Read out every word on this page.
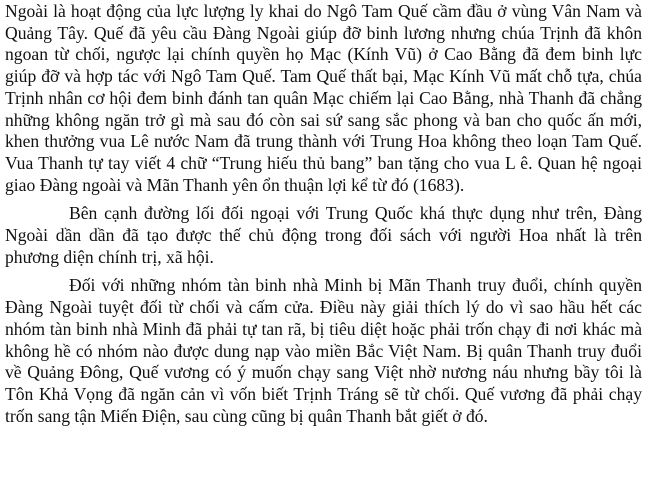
Ngoài là hoạt động của lực lượng ly khai do Ngô Tam Quế cầm đầu ở vùng Vân Nam và Quảng Tây. Quế đã yêu cầu Đàng Ngoài giúp đỡ binh lương nhưng chúa Trịnh đã khôn ngoan từ chối, ngược lại chính quyền họ Mạc (Kính Vũ) ở Cao Bằng đã đem binh lực giúp đỡ và hợp tác với Ngô Tam Quế. Tam Quế thất bại, Mạc Kính Vũ mất chỗ tựa, chúa Trịnh nhân cơ hội đem binh đánh tan quân Mạc chiếm lại Cao Bằng, nhà Thanh đã chẳng những không ngăn trở gì mà sau đó còn sai sứ sang sắc phong và ban cho quốc ấn mới, khen thưởng vua Lê nước Nam đã trung thành với Trung Hoa không theo loạn Tam Quế. Vua Thanh tự tay viết 4 chữ “Trung hiếu thủ bang” ban tặng cho vua L ê. Quan hệ ngoại giao Đàng ngoài và Mãn Thanh yên ổn thuận lợi kể từ đó (1683).

Bên cạnh đường lối đối ngoại với Trung Quốc khá thực dụng như trên, Đàng Ngoài dần dần đã tạo được thế chủ động trong đối sách với người Hoa nhất là trên phương diện chính trị, xã hội.

Đối với những nhóm tàn binh nhà Minh bị Mãn Thanh truy đuổi, chính quyền Đàng Ngoài tuyệt đối từ chối và cấm cửa. Điều này giải thích lý do vì sao hầu hết các nhóm tàn binh nhà Minh đã phải tự tan rã, bị tiêu diệt hoặc phải trốn chạy đi nơi khác mà không hề có nhóm nào được dung nạp vào miền Bắc Việt Nam. Bị quân Thanh truy đuổi về Quảng Đông, Quế vương có ý muốn chạy sang Việt nhờ nương náu nhưng bầy tôi là Tôn Khả Vọng đã ngăn cản vì vốn biết Trịnh Tráng sẽ từ chối. Quế vương đã phải chạy trốn sang tận Miến Điện, sau cùng cũng bị quân Thanh bắt giết ở đó.
